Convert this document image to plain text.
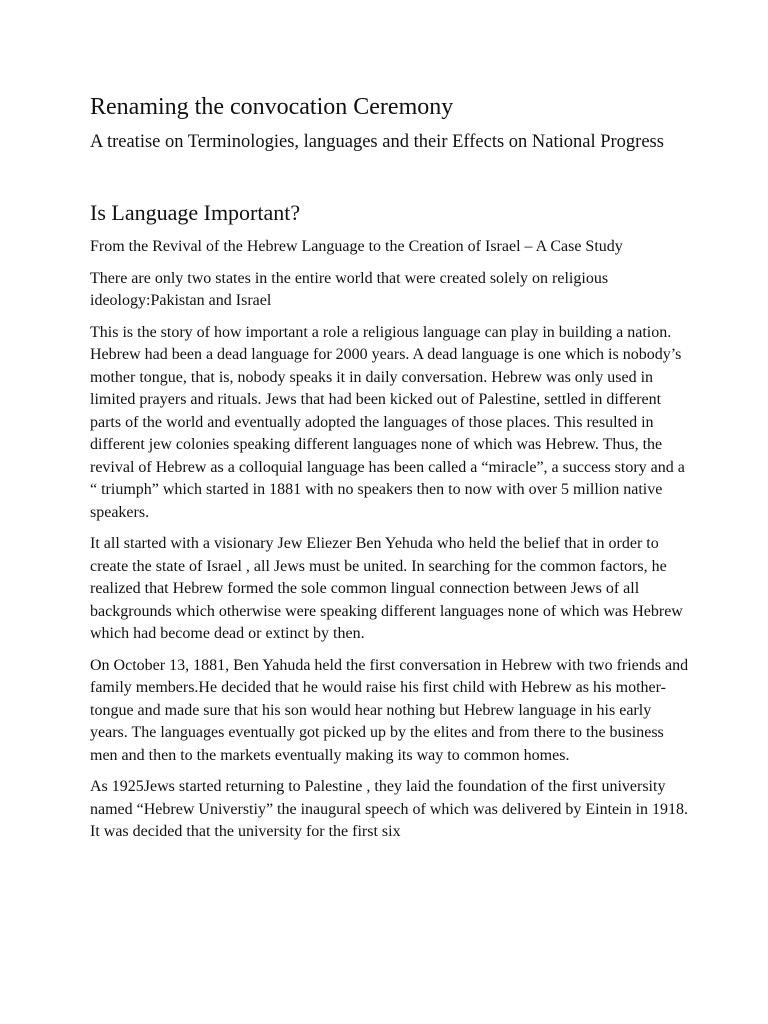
Renaming the convocation Ceremony
A treatise on Terminologies, languages and their Effects on National Progress
Is Language Important?

From the Revival of the Hebrew Language to the Creation of Israel – A Case Study

There are only two states in the entire world that were created solely on religious ideology:Pakistan and Israel

This is the story of how important a role a religious language can play in building a nation. Hebrew had been a dead language for 2000 years. A dead language is one which is nobody’s mother tongue, that is, nobody speaks it in daily conversation. Hebrew was only used in limited prayers and rituals. Jews that had been kicked out of Palestine, settled in different parts of the world and eventually adopted the languages of those places. This resulted in different jew colonies speaking different languages none of which was Hebrew. Thus, the revival of Hebrew as a colloquial language has been called a “miracle”, a success story and a “ triumph” which started in 1881 with no speakers then to now with over 5 million native speakers.

It all started with a visionary Jew Eliezer Ben Yehuda who held the belief that in order to create the state of Israel , all Jews must be united. In searching for the common factors, he realized that Hebrew formed the sole common lingual connection between Jews of all backgrounds which otherwise were speaking different languages none of which was Hebrew which had become dead or extinct by then.

On October 13, 1881, Ben Yahuda held the first conversation in Hebrew with two friends and family members.He decided that he would raise his first child with Hebrew as his mother-tongue and made sure that his son would hear nothing but Hebrew language in his early years. The languages eventually got picked up by the elites and from there to the business men and then to the markets eventually making its way to common homes.

As 1925Jews started returning to Palestine , they laid the foundation of the first university named “Hebrew Universtiy” the inaugural speech of which was delivered by Eintein in 1918. It was decided that the university for the first six
